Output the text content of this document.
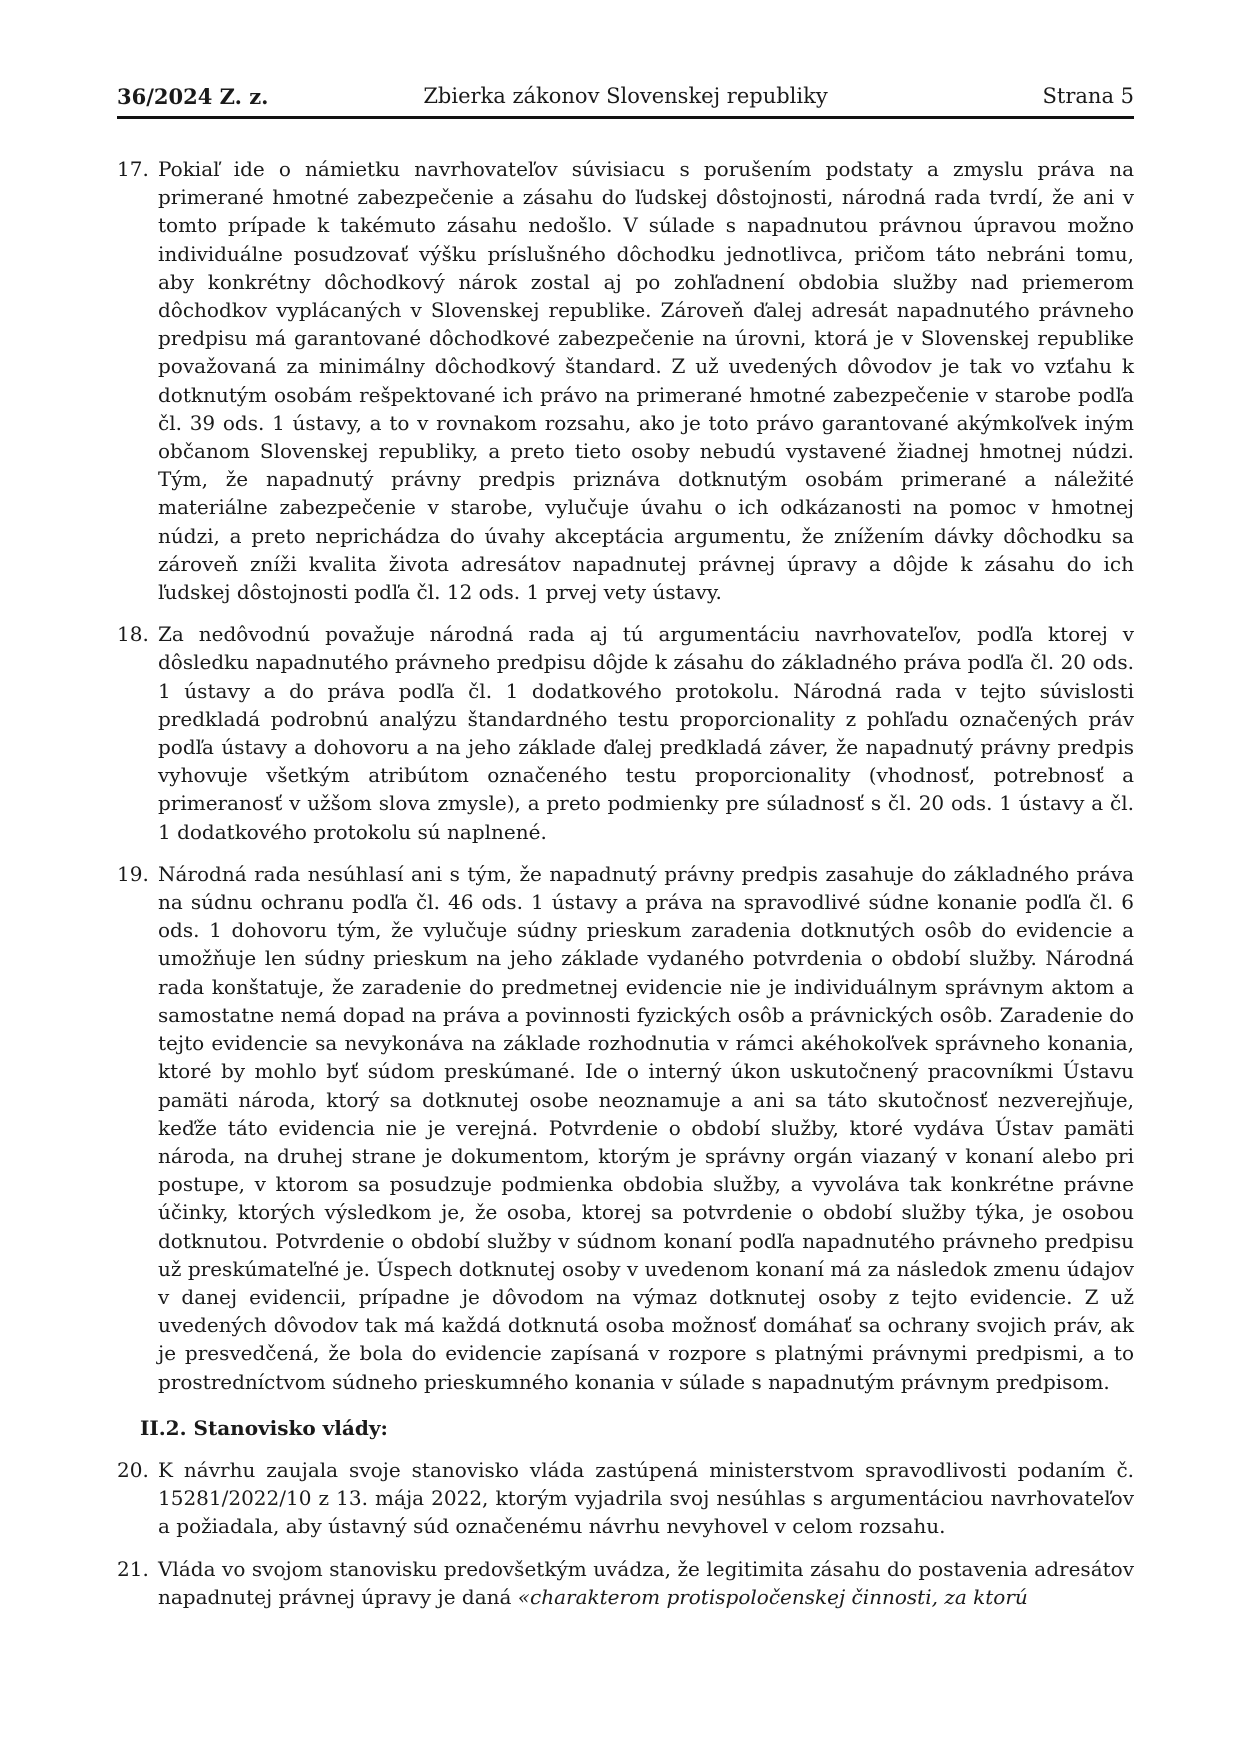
36/2024 Z. z.	Zbierka zákonov Slovenskej republiky	Strana 5
17. Pokiaľ ide o námietku navrhovateľov súvisiacu s porušením podstaty a zmyslu práva na primerané hmotné zabezpečenie a zásahu do ľudskej dôstojnosti, národná rada tvrdí, že ani v tomto prípade k takémuto zásahu nedošlo. V súlade s napadnutou právnou úpravou možno individuálne posudzovať výšku príslušného dôchodku jednotlivca, pričom táto nebráni tomu, aby konkrétny dôchodkový nárok zostal aj po zohľadnení obdobia služby nad priemerom dôchodkov vyplácaných v Slovenskej republike. Zároveň ďalej adresát napadnutého právneho predpisu má garantované dôchodkové zabezpečenie na úrovni, ktorá je v Slovenskej republike považovaná za minimálny dôchodkový štandard. Z už uvedených dôvodov je tak vo vzťahu k dotknutým osobám rešpektované ich právo na primerané hmotné zabezpečenie v starobe podľa čl. 39 ods. 1 ústavy, a to v rovnakom rozsahu, ako je toto právo garantované akýmkoľvek iným občanom Slovenskej republiky, a preto tieto osoby nebudú vystavené žiadnej hmotnej núdzi. Tým, že napadnutý právny predpis priznáva dotknutým osobám primerané a náležité materiálne zabezpečenie v starobe, vylučuje úvahu o ich odkázanosti na pomoc v hmotnej núdzi, a preto neprichádza do úvahy akceptácia argumentu, že znížením dávky dôchodku sa zároveň zníži kvalita života adresátov napadnutej právnej úpravy a dôjde k zásahu do ich ľudskej dôstojnosti podľa čl. 12 ods. 1 prvej vety ústavy.
18. Za nedôvodnú považuje národná rada aj tú argumentáciu navrhovateľov, podľa ktorej v dôsledku napadnutého právneho predpisu dôjde k zásahu do základného práva podľa čl. 20 ods. 1 ústavy a do práva podľa čl. 1 dodatkového protokolu. Národná rada v tejto súvislosti predkladá podrobnú analýzu štandardného testu proporcionality z pohľadu označených práv podľa ústavy a dohovoru a na jeho základe ďalej predkladá záver, že napadnutý právny predpis vyhovuje všetkým atribútom označeného testu proporcionality (vhodnosť, potrebnosť a primeranosť v užšom slova zmysle), a preto podmienky pre súladnosť s čl. 20 ods. 1 ústavy a čl. 1 dodatkového protokolu sú naplnené.
19. Národná rada nesúhlasí ani s tým, že napadnutý právny predpis zasahuje do základného práva na súdnu ochranu podľa čl. 46 ods. 1 ústavy a práva na spravodlivé súdne konanie podľa čl. 6 ods. 1 dohovoru tým, že vylučuje súdny prieskum zaradenia dotknutých osôb do evidencie a umožňuje len súdny prieskum na jeho základe vydaného potvrdenia o období služby. Národná rada konštatuje, že zaradenie do predmetnej evidencie nie je individuálnym správnym aktom a samostatne nemá dopad na práva a povinnosti fyzických osôb a právnických osôb. Zaradenie do tejto evidencie sa nevykonáva na základe rozhodnutia v rámci akéhokoľvek správneho konania, ktoré by mohlo byť súdom preskúmané. Ide o interný úkon uskutočnený pracovníkmi Ústavu pamäti národa, ktorý sa dotknutej osobe neoznamuje a ani sa táto skutočnosť nezverejňuje, keďže táto evidencia nie je verejná. Potvrdenie o období služby, ktoré vydáva Ústav pamäti národa, na druhej strane je dokumentom, ktorým je správny orgán viazaný v konaní alebo pri postupe, v ktorom sa posudzuje podmienka obdobia služby, a vyvoláva tak konkrétne právne účinky, ktorých výsledkom je, že osoba, ktorej sa potvrdenie o období služby týka, je osobou dotknutou. Potvrdenie o období služby v súdnom konaní podľa napadnutého právneho predpisu už preskúmateľné je. Úspech dotknutej osoby v uvedenom konaní má za následok zmenu údajov v danej evidencii, prípadne je dôvodom na výmaz dotknutej osoby z tejto evidencie. Z už uvedených dôvodov tak má každá dotknutá osoba možnosť domáhať sa ochrany svojich práv, ak je presvedčená, že bola do evidencie zapísaná v rozpore s platnými právnymi predpismi, a to prostredníctvom súdneho prieskumného konania v súlade s napadnutým právnym predpisom.
II.2. Stanovisko vlády:
20. K návrhu zaujala svoje stanovisko vláda zastúpená ministerstvom spravodlivosti podaním č. 15281/2022/10 z 13. mája 2022, ktorým vyjadrila svoj nesúhlas s argumentáciou navrhovateľov a požiadala, aby ústavný súd označenému návrhu nevyhovel v celom rozsahu.
21. Vláda vo svojom stanovisku predovšetkým uvádza, že legitimita zásahu do postavenia adresátov napadnutej právnej úpravy je daná «charakterom protispoločenskej činnosti, za ktorú
